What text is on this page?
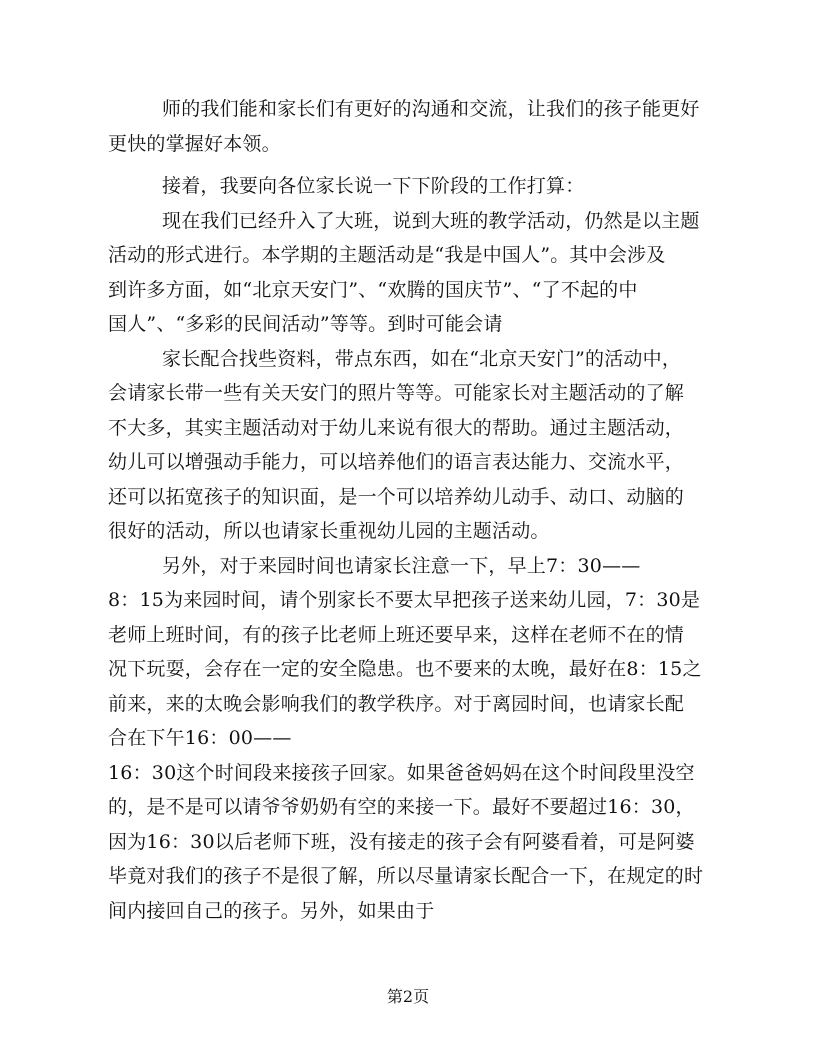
师的我们能和家长们有更好的沟通和交流，让我们的孩子能更好
更快的掌握好本领。
接着，我要向各位家长说一下下阶段的工作打算：
现在我们已经升入了大班，说到大班的教学活动，仍然是以主题
活动的形式进行。本学期的主题活动是“我是中国人”。其中会涉及
到许多方面，如“北京天安门”、“欢腾的国庆节”、“了不起的中
国人”、“多彩的民间活动”等等。到时可能会请
家长配合找些资料，带点东西，如在“北京天安门”的活动中，
会请家长带一些有关天安门的照片等等。可能家长对主题活动的了解
不大多，其实主题活动对于幼儿来说有很大的帮助。通过主题活动，
幼儿可以增强动手能力，可以培养他们的语言表达能力、交流水平，
还可以拓宽孩子的知识面，是一个可以培养幼儿动手、动口、动脑的
很好的活动，所以也请家长重视幼儿园的主题活动。
另外，对于来园时间也请家长注意一下，早上7：30——
8：15为来园时间，请个别家长不要太早把孩子送来幼儿园，7：30是
老师上班时间，有的孩子比老师上班还要早来，这样在老师不在的情
况下玩耍，会存在一定的安全隐患。也不要来的太晚，最好在8：15之
前来，来的太晚会影响我们的教学秩序。对于离园时间，也请家长配
合在下午16：00——
16：30这个时间段来接孩子回家。如果爸爸妈妈在这个时间段里没空
的，是不是可以请爷爷奶奶有空的来接一下。最好不要超过16：30，
因为16：30以后老师下班，没有接走的孩子会有阿婆看着，可是阿婆
毕竟对我们的孩子不是很了解，所以尽量请家长配合一下，在规定的时
间内接回自己的孩子。另外，如果由于
第2页
